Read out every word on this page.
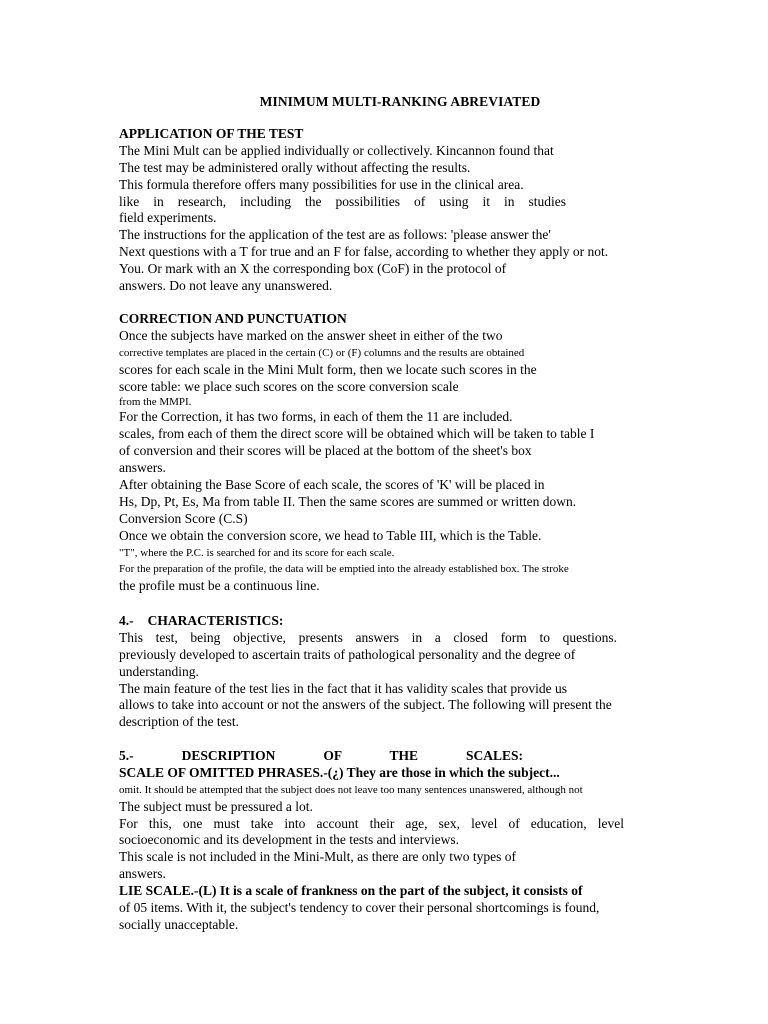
MINIMUM MULTI-RANKING ABREVIATED
APPLICATION OF THE TEST
The Mini Mult can be applied individually or collectively. Kincannon found that
The test may be administered orally without affecting the results.
This formula therefore offers many possibilities for use in the clinical area.
like in research, including the possibilities of using it in studies
field experiments.
The instructions for the application of the test are as follows: 'please answer the'
Next questions with a T for true and an F for false, according to whether they apply or not.
You. Or mark with an X the corresponding box (CoF) in the protocol of
answers. Do not leave any unanswered.
CORRECTION AND PUNCTUATION
Once the subjects have marked on the answer sheet in either of the two
corrective templates are placed in the certain (C) or (F) columns and the results are obtained
scores for each scale in the Mini Mult form, then we locate such scores in the
score table: we place such scores on the score conversion scale
from the MMPI.
For the Correction, it has two forms, in each of them the 11 are included.
scales, from each of them the direct score will be obtained which will be taken to table I
of conversion and their scores will be placed at the bottom of the sheet's box
answers.
After obtaining the Base Score of each scale, the scores of 'K' will be placed in
Hs, Dp, Pt, Es, Ma from table II. Then the same scores are summed or written down.
Conversion Score (C.S)
Once we obtain the conversion score, we head to Table III, which is the Table.
"T", where the P.C. is searched for and its score for each scale.
For the preparation of the profile, the data will be emptied into the already established box. The stroke
the profile must be a continuous line.
4.- CHARACTERISTICS:
This test, being objective, presents answers in a closed form to questions.
previously developed to ascertain traits of pathological personality and the degree of
understanding.
The main feature of the test lies in the fact that it has validity scales that provide us
allows to take into account or not the answers of the subject. The following will present the
description of the test.
5.- DESCRIPTION OF THE SCALES:
SCALE OF OMITTED PHRASES.-(¿) They are those in which the subject...
omit. It should be attempted that the subject does not leave too many sentences unanswered, although not
The subject must be pressured a lot.
For this, one must take into account their age, sex, level of education, level
socioeconomic and its development in the tests and interviews.
This scale is not included in the Mini-Mult, as there are only two types of
answers.
LIE SCALE.-(L) It is a scale of frankness on the part of the subject, it consists of
of 05 items. With it, the subject's tendency to cover their personal shortcomings is found,
socially unacceptable.
